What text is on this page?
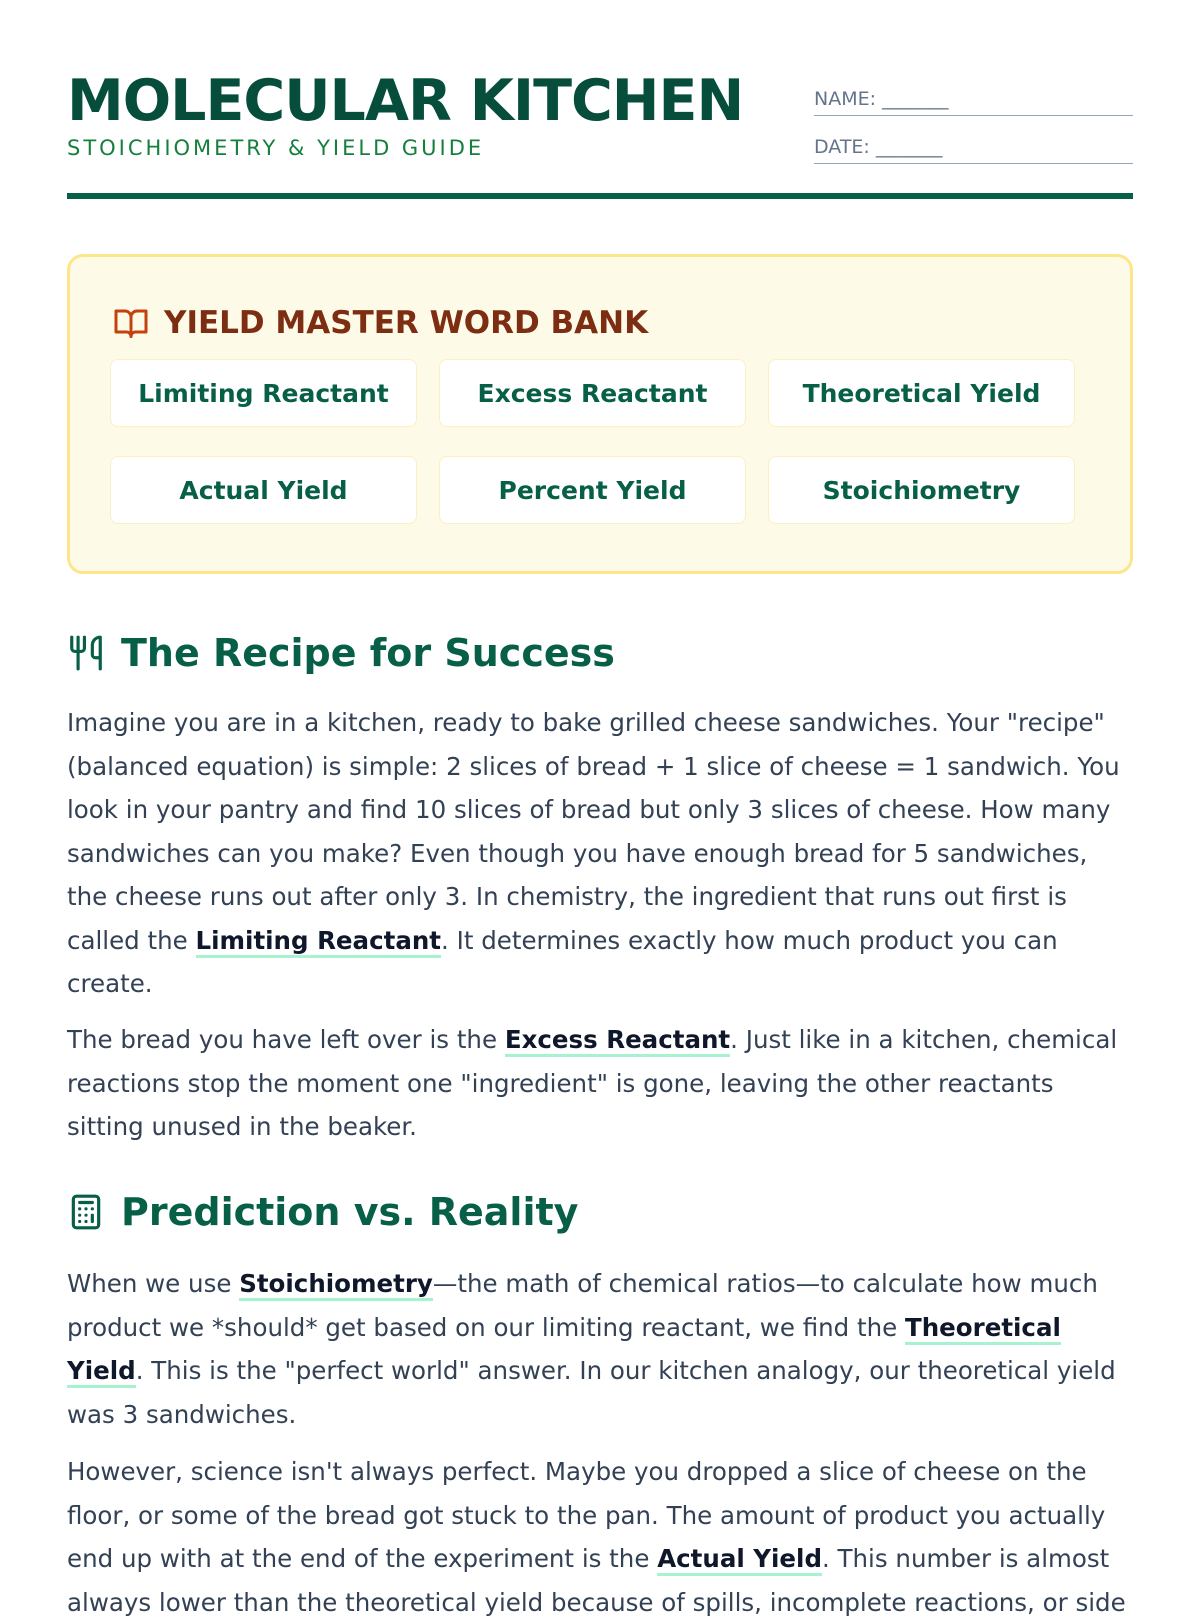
MOLECULAR KITCHEN
STOICHIOMETRY & YIELD GUIDE
NAME: _______
DATE: _______
YIELD MASTER WORD BANK
Limiting Reactant	Excess Reactant	Theoretical Yield
Actual Yield	Percent Yield	Stoichiometry
The Recipe for Success

Imagine you are in a kitchen, ready to bake grilled cheese sandwiches. Your "recipe" (balanced equation) is simple: 2 slices of bread + 1 slice of cheese = 1 sandwich. You look in your pantry and find 10 slices of bread but only 3 slices of cheese. How many sandwiches can you make? Even though you have enough bread for 5 sandwiches, the cheese runs out after only 3. In chemistry, the ingredient that runs out first is called the Limiting Reactant. It determines exactly how much product you can create.

The bread you have left over is the Excess Reactant. Just like in a kitchen, chemical reactions stop the moment one "ingredient" is gone, leaving the other reactants sitting unused in the beaker.

Prediction vs. Reality

When we use Stoichiometry—the math of chemical ratios—to calculate how much product we *should* get based on our limiting reactant, we find the Theoretical Yield. This is the "perfect world" answer. In our kitchen analogy, our theoretical yield was 3 sandwiches.

However, science isn't always perfect. Maybe you dropped a slice of cheese on the floor, or some of the bread got stuck to the pan. The amount of product you actually end up with at the end of the experiment is the Actual Yield. This number is almost always lower than the theoretical yield because of spills, incomplete reactions, or side
